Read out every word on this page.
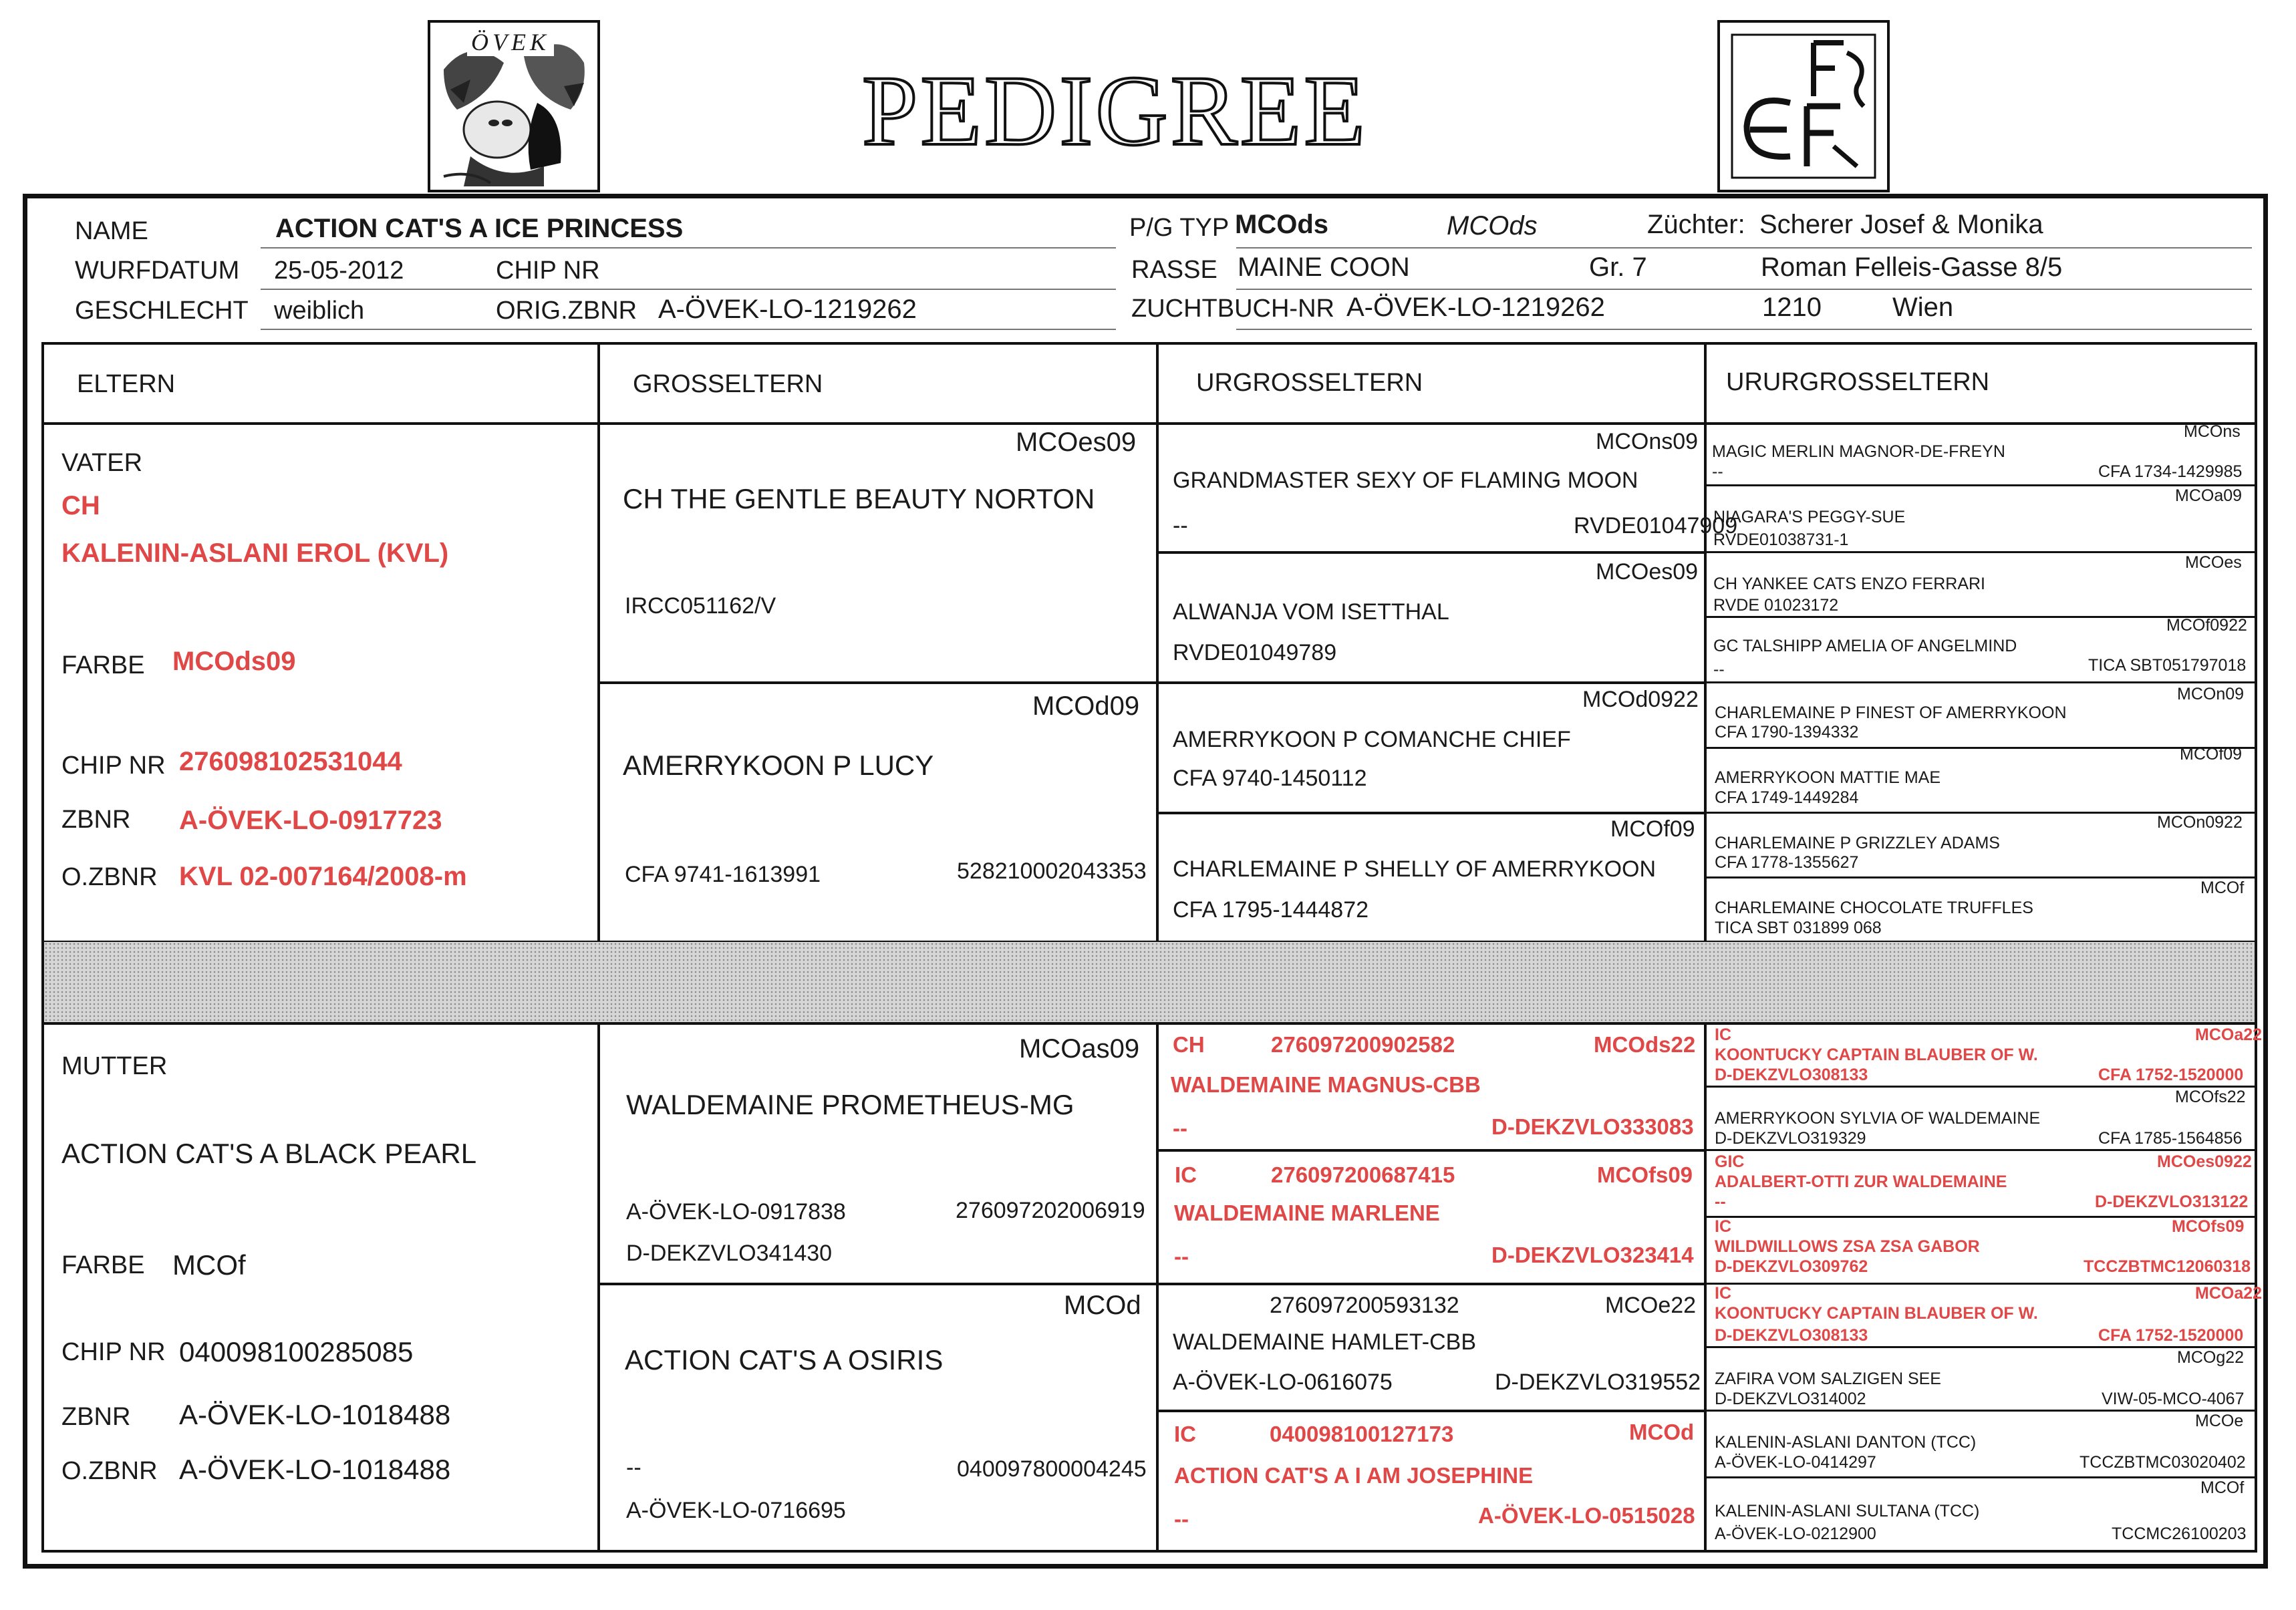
ÖVEK
PEDIGREE
FIFe
NAME	ACTION CAT'S A ICE PRINCESS
WURFDATUM 25-05-2012	CHIP NR
GESCHLECHT weiblich	ORIG.ZBNR A-ÖVEK-LO-1219262
P/G TYP MCOds	MCOds	Züchter: Scherer Josef & Monika
RASSE MAINE COON	Gr. 7	Roman Felleis-Gasse 8/5
ZUCHTBUCH-NR A-ÖVEK-LO-1219262	1210	Wien
ELTERN	GROSSELTERN	URGROSSELTERN	URURGROSSELTERN
VATER
CH
KALENIN-ASLANI EROL (KVL)
FARBE MCOds09
CHIP NR 276098102531044
ZBNR A-ÖVEK-LO-0917723
O.ZBNR KVL 02-007164/2008-m
MUTTER
ACTION CAT'S A BLACK PEARL
FARBE MCOf
CHIP NR 040098100285085
ZBNR A-ÖVEK-LO-1018488
O.ZBNR A-ÖVEK-LO-1018488
MCOes09
CH THE GENTLE BEAUTY NORTON
IRCC051162/V
MCOd09
AMERRYKOON P LUCY
CFA 9741-1613991	528210002043353
MCOas09
WALDEMAINE PROMETHEUS-MG
A-ÖVEK-LO-0917838	276097202006919
D-DEKZVLO341430
MCOd
ACTION CAT'S A OSIRIS
--	040097800004245
A-ÖVEK-LO-0716695
MCOns09
GRANDMASTER SEXY OF FLAMING MOON
--	RVDE01047909
MCOes09
ALWANJA VOM ISETTHAL
RVDE01049789
MCOd0922
AMERRYKOON P COMANCHE CHIEF
CFA 9740-1450112
MCOf09
CHARLEMAINE P SHELLY OF AMERRYKOON
CFA 1795-1444872
CH	276097200902582	MCOds22
WALDEMAINE MAGNUS-CBB
--	D-DEKZVLO333083
IC	276097200687415	MCOfs09
WALDEMAINE MARLENE
--	D-DEKZVLO323414
276097200593132	MCOe22
WALDEMAINE HAMLET-CBB
A-ÖVEK-LO-0616075	D-DEKZVLO319552
IC	040098100127173	MCOd
ACTION CAT'S A I AM JOSEPHINE
--	A-ÖVEK-LO-0515028
MCOns
MAGIC MERLIN MAGNOR-DE-FREYN
--	CFA 1734-1429985
MCOa09
NIAGARA'S PEGGY-SUE
RVDE01038731-1
MCOes
CH YANKEE CATS ENZO FERRARI
RVDE 01023172
MCOf0922
GC TALSHIPP AMELIA OF ANGELMIND
--	TICA SBT051797018
MCOn09
CHARLEMAINE P FINEST OF AMERRYKOON
CFA 1790-1394332
MCOf09
AMERRYKOON MATTIE MAE
CFA 1749-1449284
MCOn0922
CHARLEMAINE P GRIZZLEY ADAMS
CFA 1778-1355627
MCOf
CHARLEMAINE CHOCOLATE TRUFFLES
TICA SBT 031899 068
IC	MCOa22
KOONTUCKY CAPTAIN BLAUBER OF W.
D-DEKZVLO308133	CFA 1752-1520000
MCOfs22
AMERRYKOON SYLVIA OF WALDEMAINE
D-DEKZVLO319329	CFA 1785-1564856
GIC	MCOes0922
ADALBERT-OTTI ZUR WALDEMAINE
--	D-DEKZVLO313122
IC	MCOfs09
WILDWILLOWS ZSA ZSA GABOR
D-DEKZVLO309762	TCCZBTMC12060318
IC	MCOa22
KOONTUCKY CAPTAIN BLAUBER OF W.
D-DEKZVLO308133	CFA 1752-1520000
MCOg22
ZAFIRA VOM SALZIGEN SEE
D-DEKZVLO314002	VIW-05-MCO-4067
MCOe
KALENIN-ASLANI DANTON (TCC)
A-ÖVEK-LO-0414297	TCCZBTMC03020402
MCOf
KALENIN-ASLANI SULTANA (TCC)
A-ÖVEK-LO-0212900	TCCMC26100203
